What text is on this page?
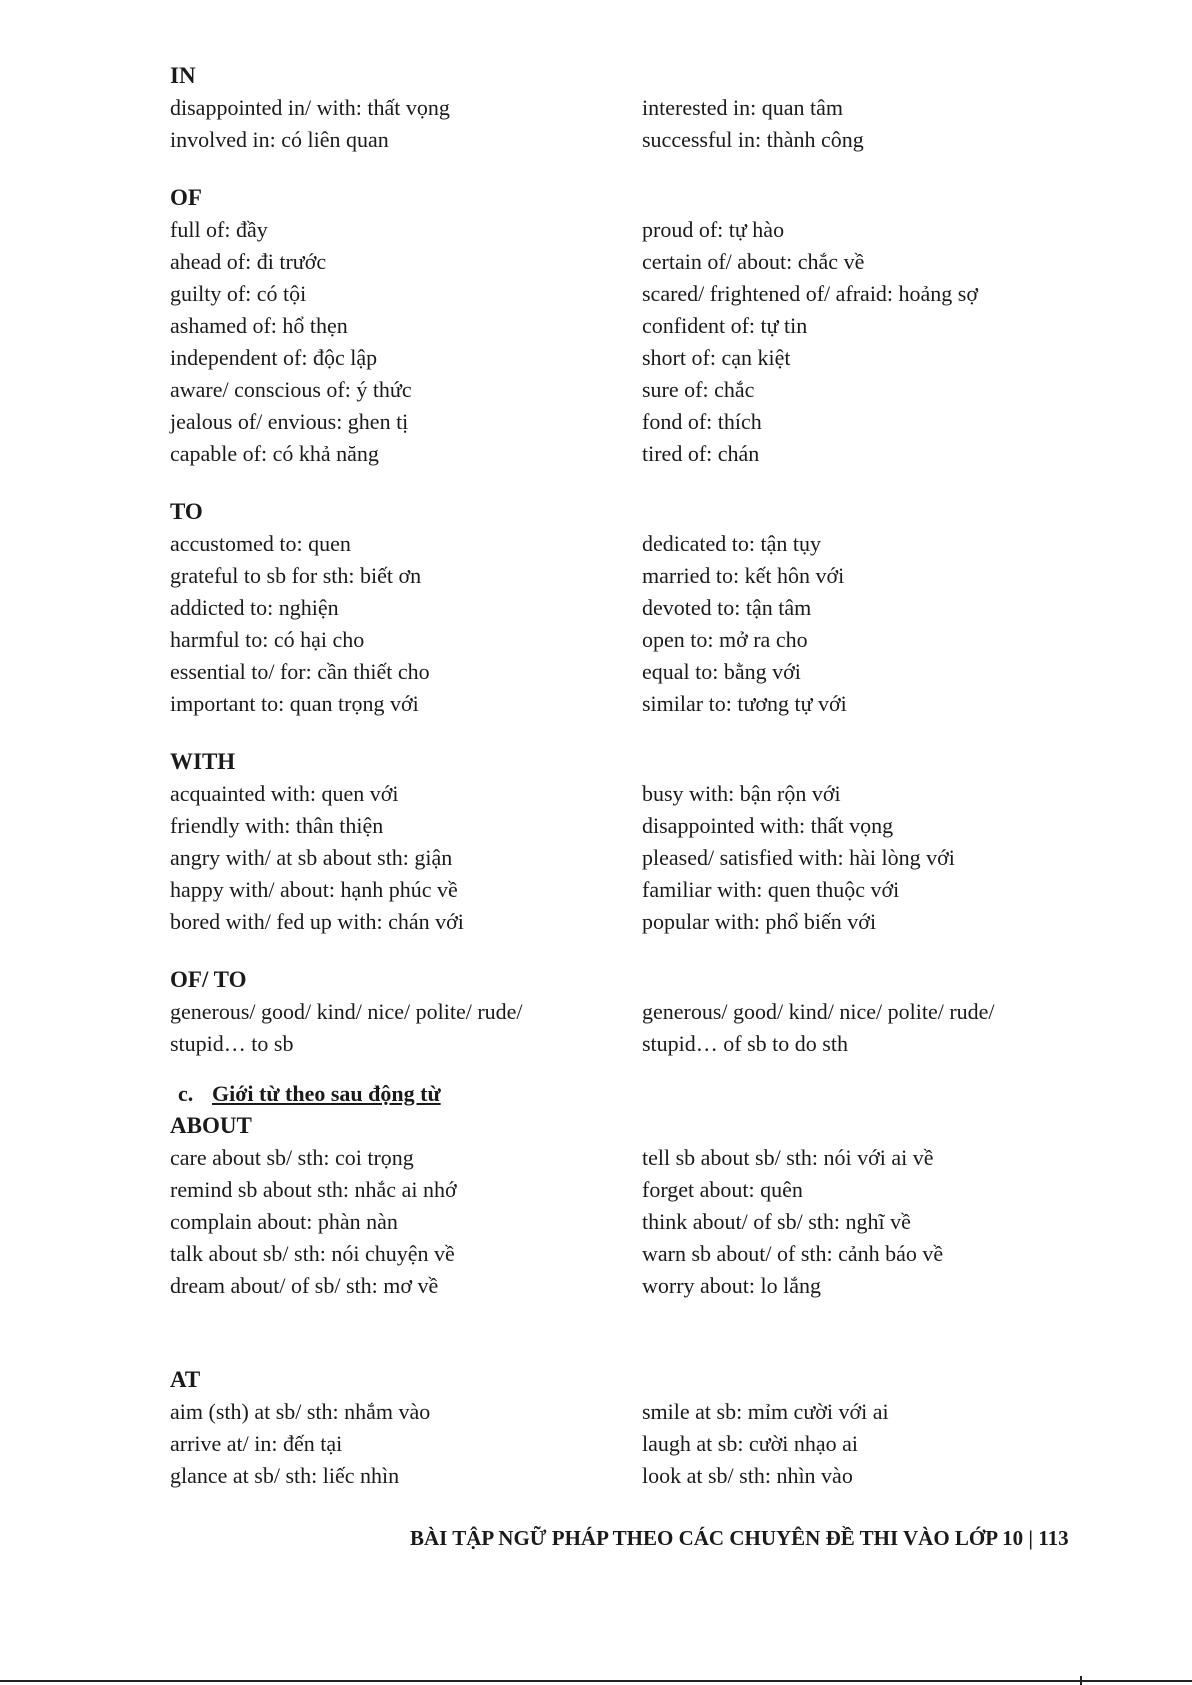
IN
disappointed in/ with: thất vọng	interested in: quan tâm
involved in: có liên quan	successful in: thành công
OF
full of: đầy	proud of: tự hào
ahead of: đi trước	certain of/ about: chắc về
guilty of: có tội	scared/ frightened of/ afraid: hoảng sợ
ashamed of: hổ thẹn	confident of: tự tin
independent of: độc lập	short of: cạn kiệt
aware/ conscious of: ý thức	sure of: chắc
jealous of/ envious: ghen tị	fond of: thích
capable of: có khả năng	tired of: chán
TO
accustomed to: quen	dedicated to: tận tụy
grateful to sb for sth: biết ơn	married to: kết hôn với
addicted to: nghiện	devoted to: tận tâm
harmful to: có hại cho	open to: mở ra cho
essential to/ for: cần thiết cho	equal to: bằng với
important to: quan trọng với	similar to: tương tự với
WITH
acquainted with: quen với	busy with: bận rộn với
friendly with: thân thiện	disappointed with: thất vọng
angry with/ at sb about sth: giận	pleased/ satisfied with: hài lòng với
happy with/ about: hạnh phúc về	familiar with: quen thuộc với
bored with/ fed up with: chán với	popular with: phổ biến với
OF/ TO
generous/ good/ kind/ nice/ polite/ rude/	generous/ good/ kind/ nice/ polite/ rude/
stupid… to sb	stupid… of sb to do sth
c. Giới từ theo sau động từ
ABOUT
care about sb/ sth: coi trọng	tell sb about sb/ sth: nói với ai về
remind sb about sth: nhắc ai nhớ	forget about: quên
complain about: phàn nàn	think about/ of sb/ sth: nghĩ về
talk about sb/ sth: nói chuyện về	warn sb about/ of sth: cảnh báo về
dream about/ of sb/ sth: mơ về	worry about: lo lắng
AT
aim (sth) at sb/ sth: nhắm vào	smile at sb: mỉm cười với ai
arrive at/ in: đến tại	laugh at sb: cười nhạo ai
glance at sb/ sth: liếc nhìn	look at sb/ sth: nhìn vào
BÀI TẬP NGỮ PHÁP THEO CÁC CHUYÊN ĐỀ THI VÀO LỚP 10 | 113
